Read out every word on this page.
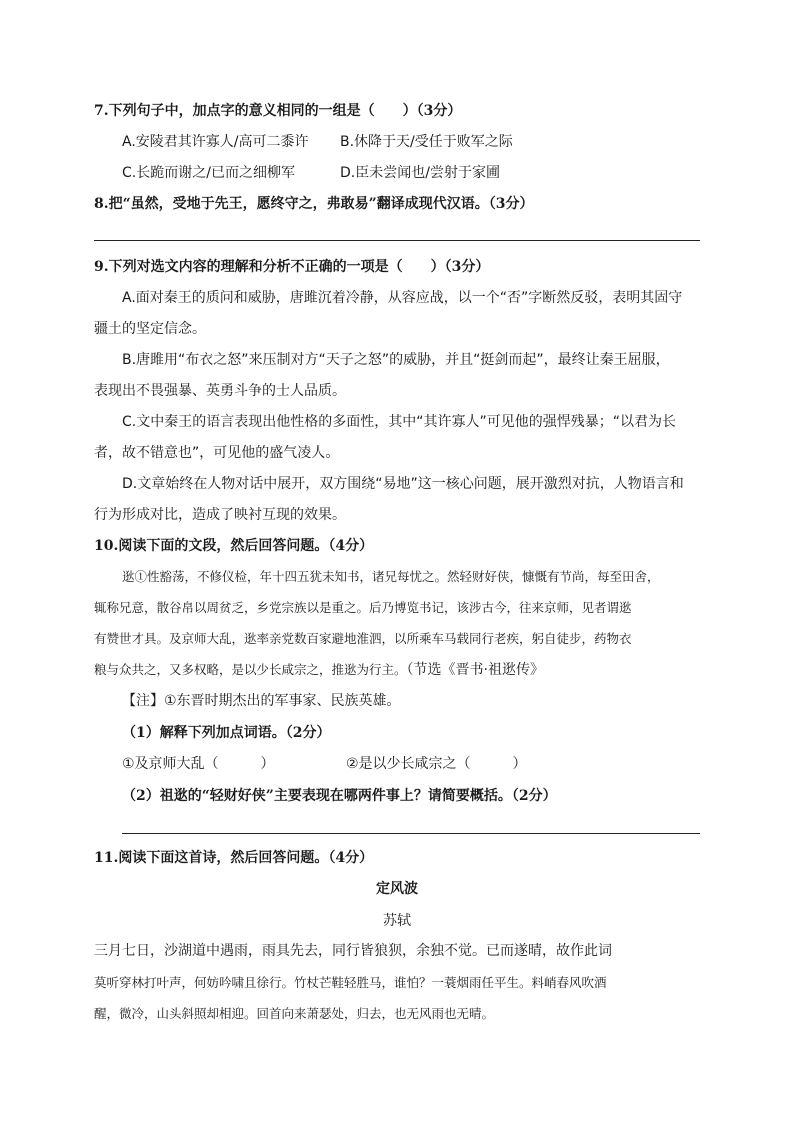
7.下列句子中，加点字的意义相同的一组是（　　）（3分）
A.安陵君其许寡人/高可二黍许 B.休降于天/受任于败军之际
C.长跪而谢之/已而之细柳军	D.臣未尝闻也/尝射于家圃
8.把“虽然，受地于先王，愿终守之，弗敢易”翻译成现代汉语。（3分）
9.下列对选文内容的理解和分析不正确的一项是（　　）（3分）
A.面对秦王的质问和威胁，唐雎沉着冷静，从容应战，以一个“否”字断然反驳，表明其固守
疆土的坚定信念。
B.唐雎用“布衣之怒”来压制对方“天子之怒”的威胁，并且“挺剑而起”，最终让秦王屈服，
表现出不畏强暴、英勇斗争的士人品质。
C.文中秦王的语言表现出他性格的多面性，其中“其许寡人”可见他的强悍残暴；“以君为长
者，故不错意也”，可见他的盛气凌人。
D.文章始终在人物对话中展开，双方围绕“易地”这一核心问题，展开激烈对抗，人物语言和
行为形成对比，造成了映衬互现的效果。
10.阅读下面的文段，然后回答问题。（4分）
逖①性豁荡，不修仪检，年十四五犹未知书，诸兄每忧之。然轻财好侠，慷慨有节尚，每至田舍，
辄称兄意，散谷帛以周贫乏，乡党宗族以是重之。后乃博览书记，该涉古今，往来京师，见者谓逖
有赞世才具。及京师大乱，逖率亲党数百家避地淮泗，以所乘车马载同行老疾，躬自徒步，药物衣
粮与众共之，又多权略，是以少长咸宗之，推逖为行主。（节选《晋书·祖逖传》
【注】①东晋时期杰出的军事家、民族英雄。
（1）解释下列加点词语。（2分）
①及京师大乱（　　　）	②是以少长咸宗之（　　　）
（2）祖逖的“轻财好侠”主要表现在哪两件事上？请简要概括。（2分）
11.阅读下面这首诗，然后回答问题。（4分）
定风波
苏轼
三月七日，沙湖道中遇雨，雨具先去，同行皆狼狈，余独不觉。已而遂晴，故作此词
莫听穿林打叶声，何妨吟啸且徐行。竹杖芒鞋轻胜马，谁怕？一蓑烟雨任平生。料峭春风吹酒
醒，微冷，山头斜照却相迎。回首向来萧瑟处，归去，也无风雨也无晴。
